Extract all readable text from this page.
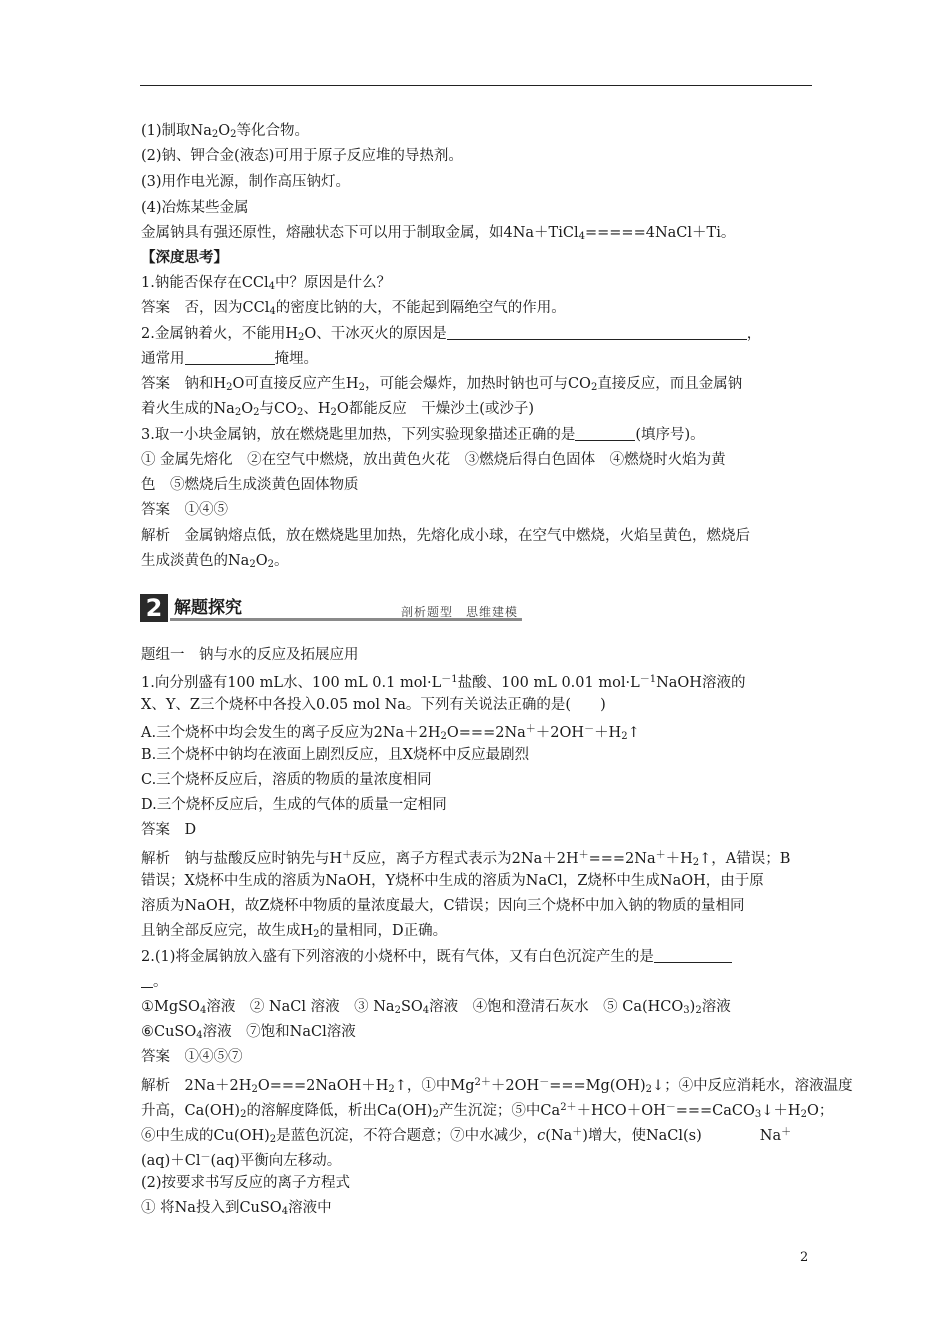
(1)制取$Na_2O_2$等化合物。
(2)钠、钾合金(液态)可用于原子反应堆的导热剂。
(3)用作电光源，制作高压钠灯。
(4)冶炼某些金属
金属钠具有强还原性，熔融状态下可以用于制取金属，如4Na＋TiCl$_4$=====4NaCl＋Ti。
【深度思考】
1.钠能否保存在CCl$_4$中？原因是什么？
答案　否，因为CCl$_4$的密度比钠的大，不能起到隔绝空气的作用。
2.金属钠着火，不能用$H_2O$、干冰灭火的原因是	，
通常用	掩埋。
答案　钠和$H_2O$可直接反应产生$H_2$，可能会爆炸，加热时钠也可与$CO_2$直接反应，而且金属钠
着火生成的$Na_2O_2$与$CO_2$、$H_2O$都能反应　干燥沙土(或沙子)
3.取一小块金属钠，放在燃烧匙里加热，下列实验现象描述正确的是	(填序号)。
① 金属先熔化　②在空气中燃烧，放出黄色火花　③燃烧后得白色固体　④燃烧时火焰为黄
色　⑤燃烧后生成淡黄色固体物质
答案　①④⑤
解析　金属钠熔点低，放在燃烧匙里加热，先熔化成小球，在空气中燃烧，火焰呈黄色，燃烧后
生成淡黄色的$Na_2O_2$。
2 解题探究	剖析题型　思维建模
题组一　钠与水的反应及拓展应用
1.向分别盛有100 mL水、100 mL 0.1 $mol\cdot L^{-1}$盐酸、100 mL 0.01 $mol\cdot L^{-1}NaOH$溶液的
X、Y、Z三个烧杯中各投入0.05 mol Na。下列有关说法正确的是(　　)
A.三个烧杯中均会发生的离子反应为$2Na+2H_2O===2Na^++2OH^-+H_2↑$
B.三个烧杯中钠均在液面上剧烈反应，且X烧杯中反应最剧烈
C.三个烧杯反应后，溶质的物质的量浓度相同
D.三个烧杯反应后，生成的气体的质量一定相同
答案　D
解析　钠与盐酸反应时钠先与H＋反应，离子方程式表示为$2Na+2H^+===2Na^++H_2↑$，A错误；B
错误；X烧杯中生成的溶质为NaOH，Y烧杯中生成的溶质为NaCl，Z烧杯中生成NaOH，由于原
溶质为NaOH，故Z烧杯中物质的量浓度最大，C错误；因向三个烧杯中加入钠的物质的量相同
且钠全部反应完，故生成$H_2$的量相同，D正确。
2.(1)将金属钠放入盛有下列溶液的小烧杯中，既有气体，又有白色沉淀产生的是
。
①MgSO$_4$溶液　② NaCl 溶液　③ $Na_2SO_4$溶液　④饱和澄清石灰水　⑤ $Ca(HCO_3)_2$溶液
⑥CuSO$_4$溶液　⑦饱和NaCl溶液
答案　①④⑤⑦
解析　$2Na+2H_2O===2NaOH+H_2↑$，①中$Mg^{2+}+2OH^-===Mg(OH)_2↓$；④中反应消耗水，溶液温度
升高，$Ca(OH)_2$的溶解度降低，析出$Ca(OH)_2$产生沉淀；⑤中$Ca^{2+}+HCO+OH^-===CaCO_3↓+H_2O$；
⑥中生成的$Cu(OH)_2$是蓝色沉淀，不符合题意；⑦中水减少，c(Na＋)增大，使NaCl(s)	Na＋
(aq)＋Cl－(aq)平衡向左移动。
(2)按要求书写反应的离子方程式
① 将Na投入到CuSO$_4$溶液中
2
